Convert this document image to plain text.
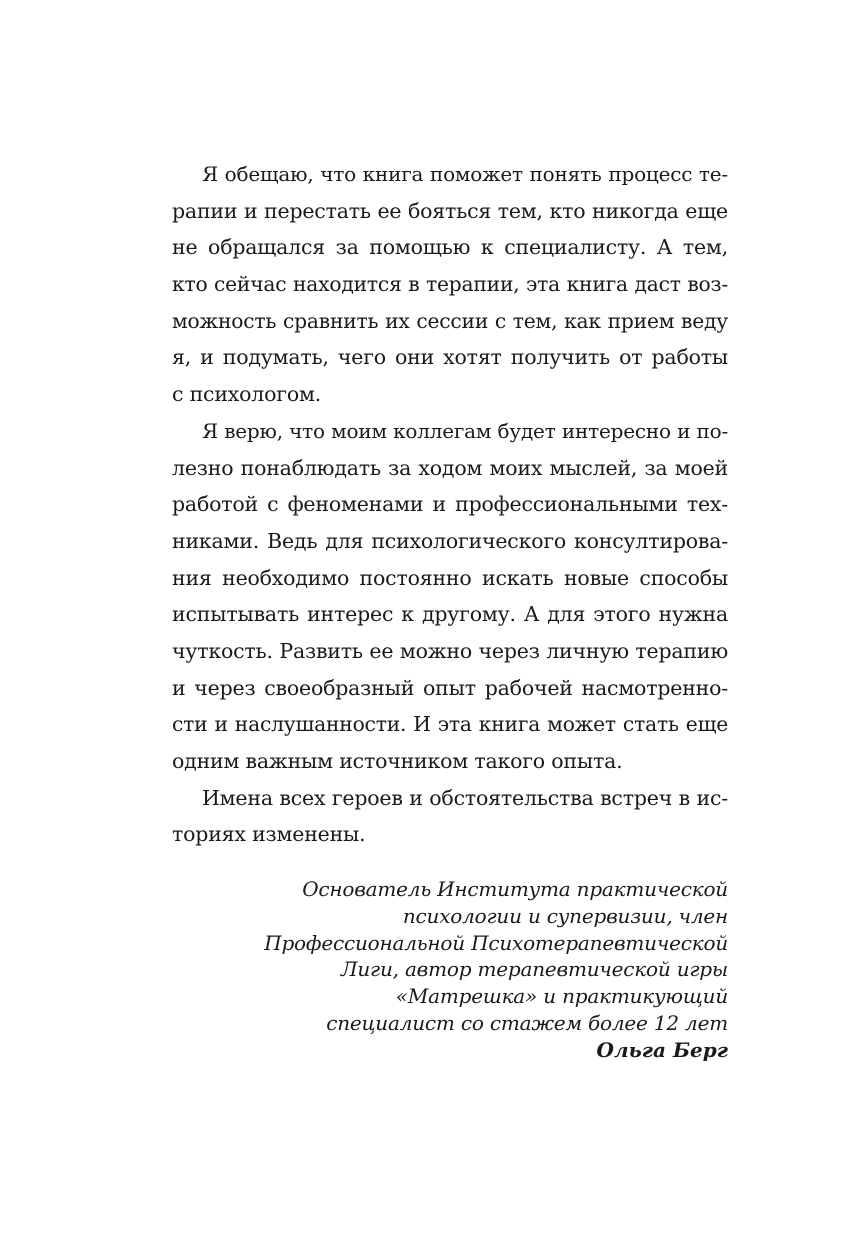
Я обещаю, что книга поможет понять процесс те-
рапии и перестать ее бояться тем, кто никогда еще
не обращался за помощью к специалисту. А тем,
кто сейчас находится в терапии, эта книга даст воз-
можность сравнить их сессии с тем, как прием веду
я, и подумать, чего они хотят получить от работы
с психологом.
Я верю, что моим коллегам будет интересно и по-
лезно понаблюдать за ходом моих мыслей, за моей
работой с феноменами и профессиональными тех-
никами. Ведь для психологического консултирова-
ния необходимо постоянно искать новые способы
испытывать интерес к другому. А для этого нужна
чуткость. Развить ее можно через личную терапию
и через своеобразный опыт рабочей насмотреннo-
сти и наслушанности. И эта книга может стать еще
одним важным источником такого опыта.
Имена всех героев и обстоятельства встреч в ис-
ториях изменены.
Основатель Института практической
психологии и супервизии, член
Профессиональной Психотерапевтической
Лиги, автор терапевтической игры
«Матрешка» и практикующий
специалист со стажем более 12 лет
Ольга Берг
